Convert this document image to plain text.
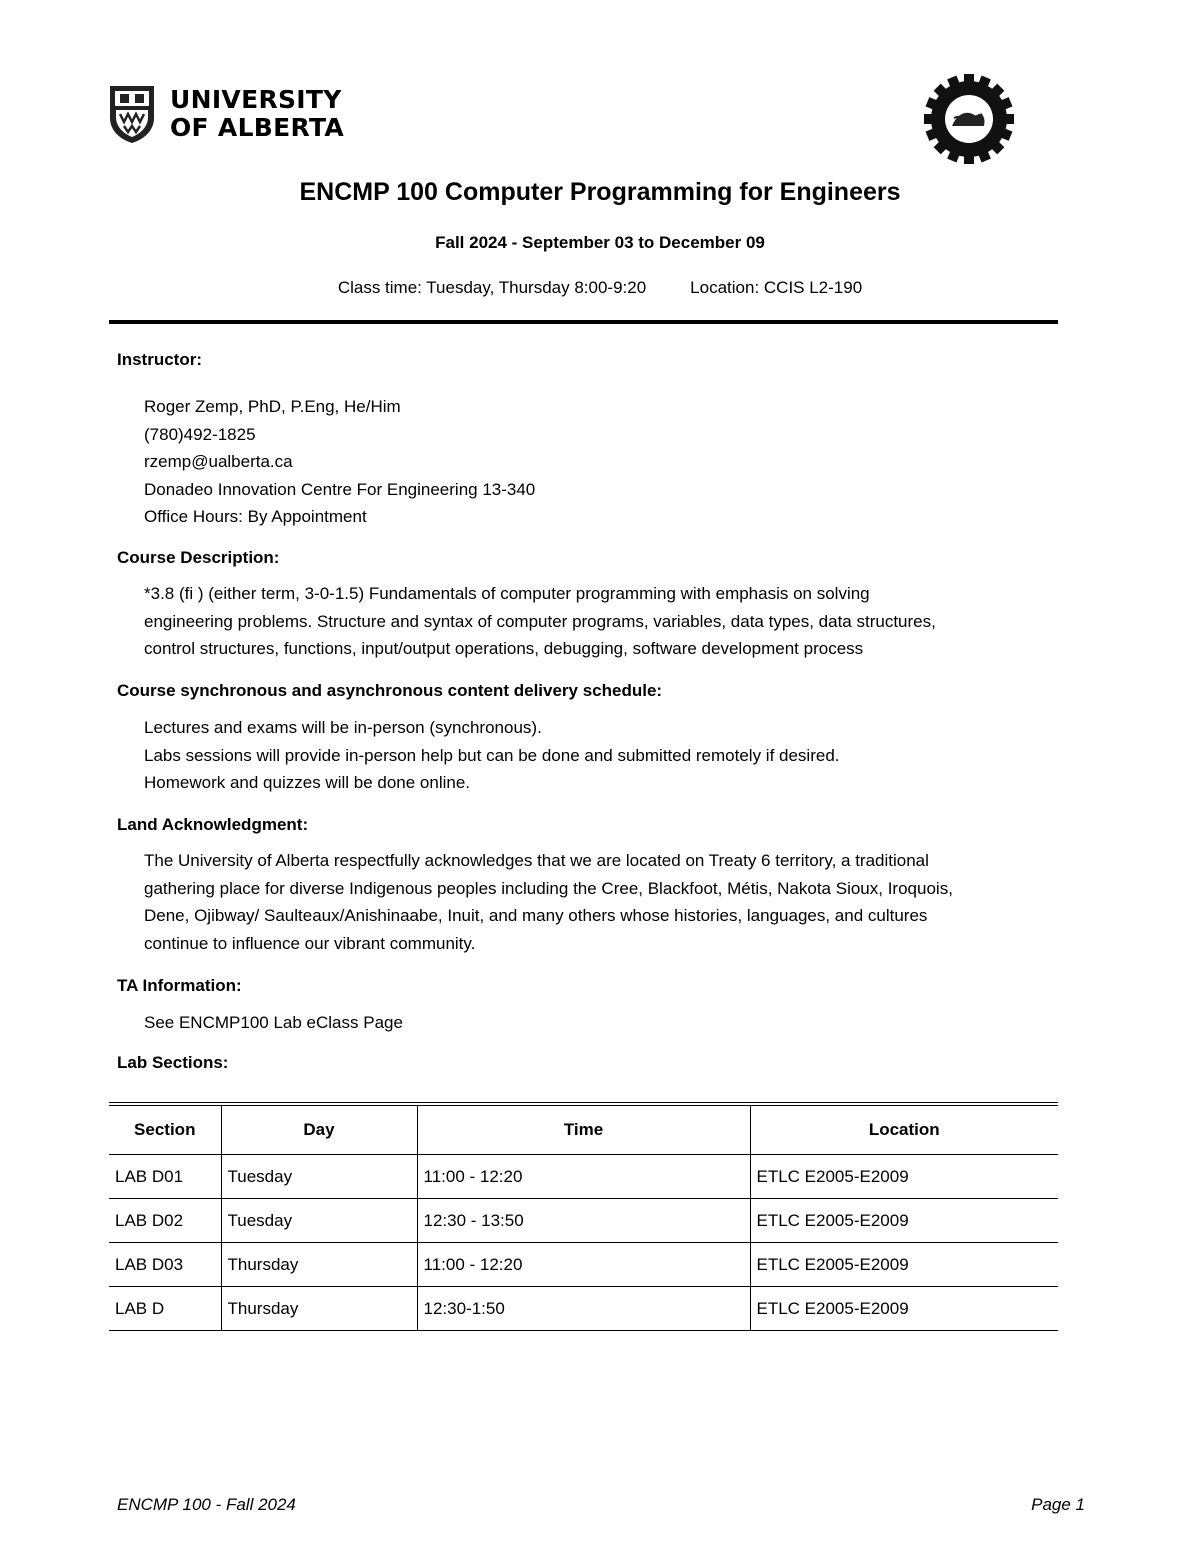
UNIVERSITY
OF ALBERTA
ENCMP 100 Computer Programming for Engineers
Fall 2024 - September 03 to December 09
Class time: Tuesday, Thursday 8:00-9:20	Location: CCIS L2-190
Instructor:
Roger Zemp, PhD, P.Eng, He/Him
(780)492-1825
rzemp@ualberta.ca
Donadeo Innovation Centre For Engineering 13-340
Office Hours: By Appointment
Course Description:
*3.8 (fi ) (either term, 3-0-1.5) Fundamentals of computer programming with emphasis on solving
engineering problems. Structure and syntax of computer programs, variables, data types, data structures,
control structures, functions, input/output operations, debugging, software development process
Course synchronous and asynchronous content delivery schedule:
Lectures and exams will be in-person (synchronous).
Labs sessions will provide in-person help but can be done and submitted remotely if desired.
Homework and quizzes will be done online.
Land Acknowledgment:
The University of Alberta respectfully acknowledges that we are located on Treaty 6 territory, a traditional
gathering place for diverse Indigenous peoples including the Cree, Blackfoot, Métis, Nakota Sioux, Iroquois,
Dene, Ojibway/ Saulteaux/Anishinaabe, Inuit, and many others whose histories, languages, and cultures
continue to influence our vibrant community.
TA Information:
See ENCMP100 Lab eClass Page
Lab Sections:
Section	Day	Time	Location
LAB D01	Tuesday	11:00 - 12:20	ETLC E2005-E2009
LAB D02	Tuesday	12:30 - 13:50	ETLC E2005-E2009
LAB D03	Thursday	11:00 - 12:20	ETLC E2005-E2009
LAB D	Thursday	12:30-1:50	ETLC E2005-E2009
ENCMP 100 - Fall 2024	Page 1
